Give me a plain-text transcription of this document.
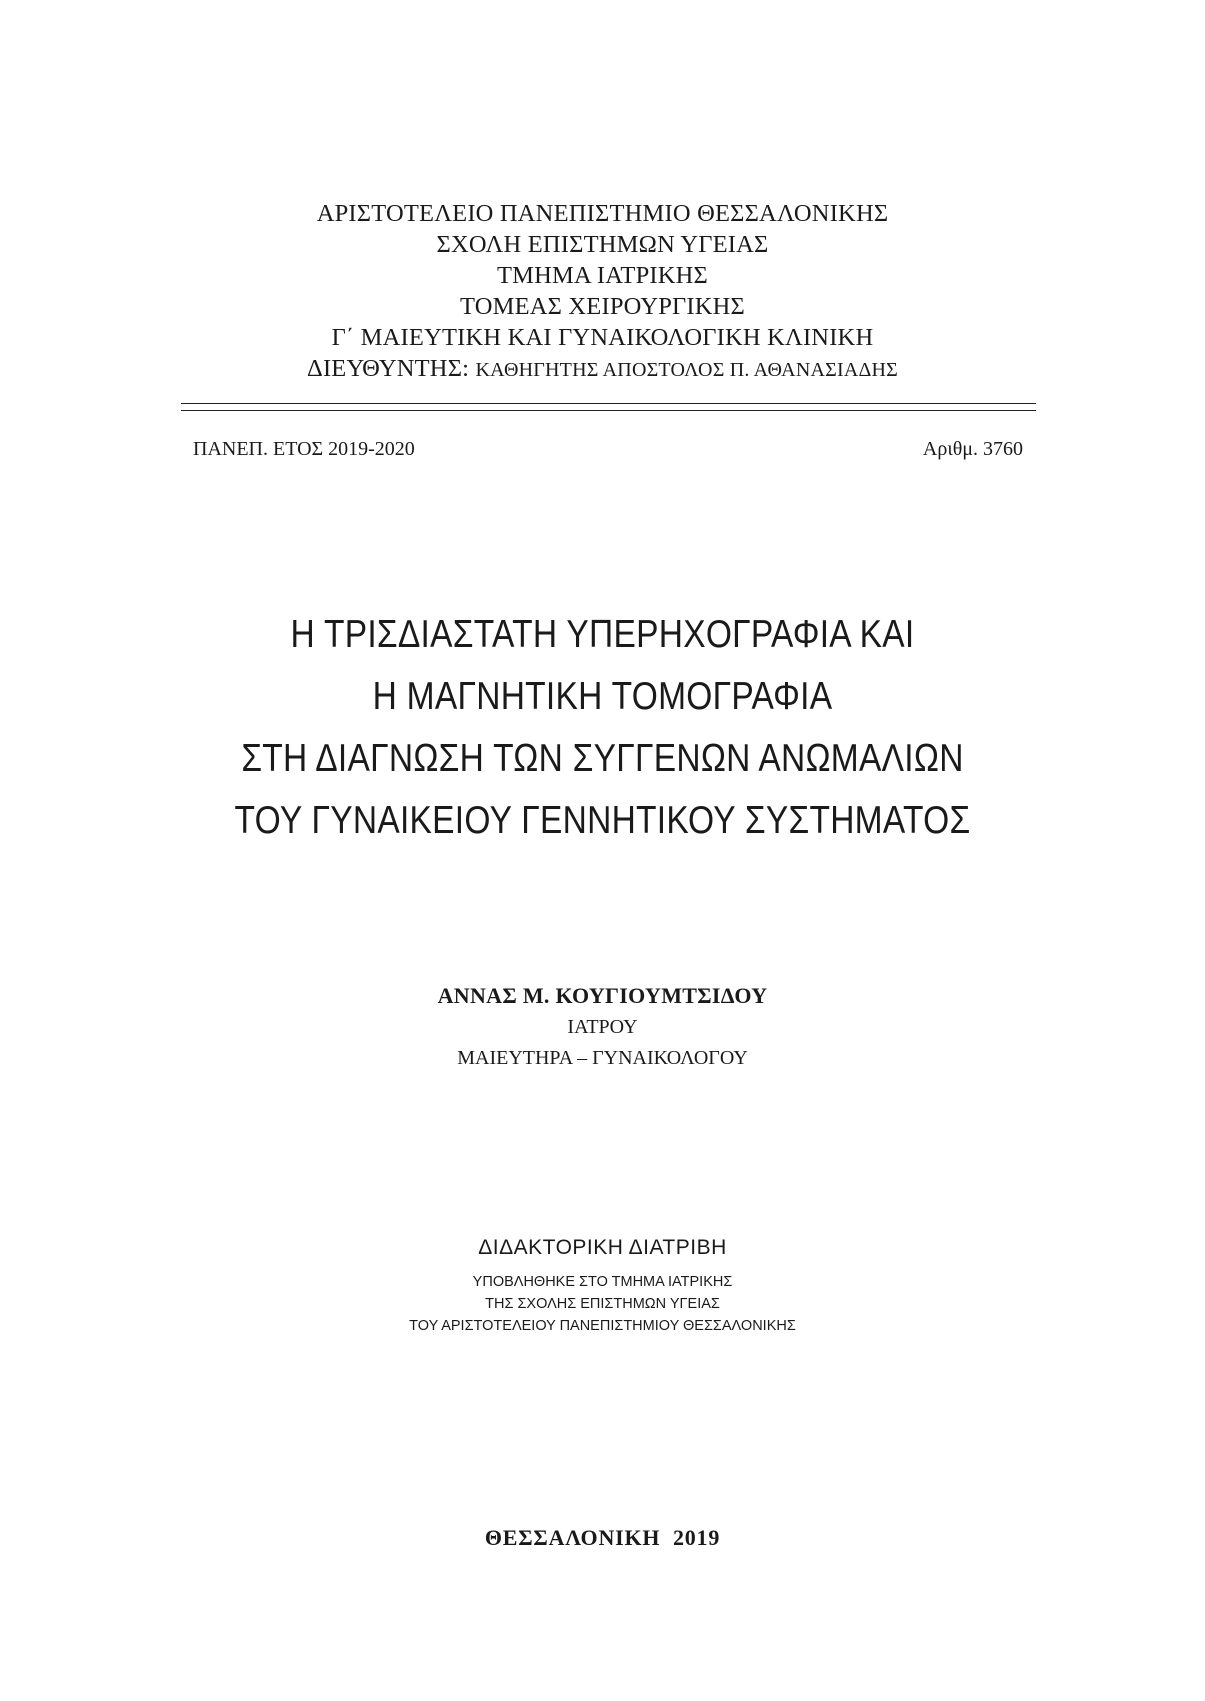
ΑΡΙΣΤΟΤΕΛΕΙΟ ΠΑΝΕΠΙΣΤΗΜΙΟ ΘΕΣΣΑΛΟΝΙΚΗΣ
ΣΧΟΛΗ ΕΠΙΣΤΗΜΩΝ ΥΓΕΙΑΣ
ΤΜΗΜΑ ΙΑΤΡΙΚΗΣ
ΤΟΜΕΑΣ ΧΕΙΡΟΥΡΓΙΚΗΣ
Γ΄ ΜΑΙΕΥΤΙΚΗ ΚΑΙ ΓΥΝΑΙΚΟΛΟΓΙΚΗ ΚΛΙΝΙΚΗ
ΔΙΕΥΘΥΝΤΗΣ: ΚΑΘΗΓΗΤΗΣ ΑΠΟΣΤΟΛΟΣ Π. ΑΘΑΝΑΣΙΑΔΗΣ
ΠΑΝΕΠ. ΕΤΟΣ 2019-2020	Αριθμ. 3760
Η ΤΡΙΣΔΙΑΣΤΑΤΗ ΥΠΕΡΗΧΟΓΡΑΦΙΑ ΚΑΙ
Η ΜΑΓΝΗΤΙΚΗ ΤΟΜΟΓΡΑΦΙΑ
ΣΤΗ ΔΙΑΓΝΩΣΗ ΤΩΝ ΣΥΓΓΕΝΩΝ ΑΝΩΜΑΛΙΩΝ
ΤΟΥ ΓΥΝΑΙΚΕΙΟΥ ΓΕΝΝΗΤΙΚΟΥ ΣΥΣΤΗΜΑΤΟΣ
ΑΝΝΑΣ Μ. ΚΟΥΓΙΟΥΜΤΣΙΔΟΥ
ΙΑΤΡΟΥ
ΜΑΙΕΥΤΗΡΑ – ΓΥΝΑΙΚΟΛΟΓΟΥ
ΔΙΔΑΚΤΟΡΙΚΗ ΔΙΑΤΡΙΒΗ
ΥΠΟΒΛΗΘΗΚΕ ΣΤΟ ΤΜΗΜΑ ΙΑΤΡΙΚΗΣ
ΤΗΣ ΣΧΟΛΗΣ ΕΠΙΣΤΗΜΩΝ ΥΓΕΙΑΣ
ΤΟΥ ΑΡΙΣΤΟΤΕΛΕΙΟΥ ΠΑΝΕΠΙΣΤΗΜΙΟΥ ΘΕΣΣΑΛΟΝΙΚΗΣ
ΘΕΣΣΑΛΟΝΙΚΗ  2019
